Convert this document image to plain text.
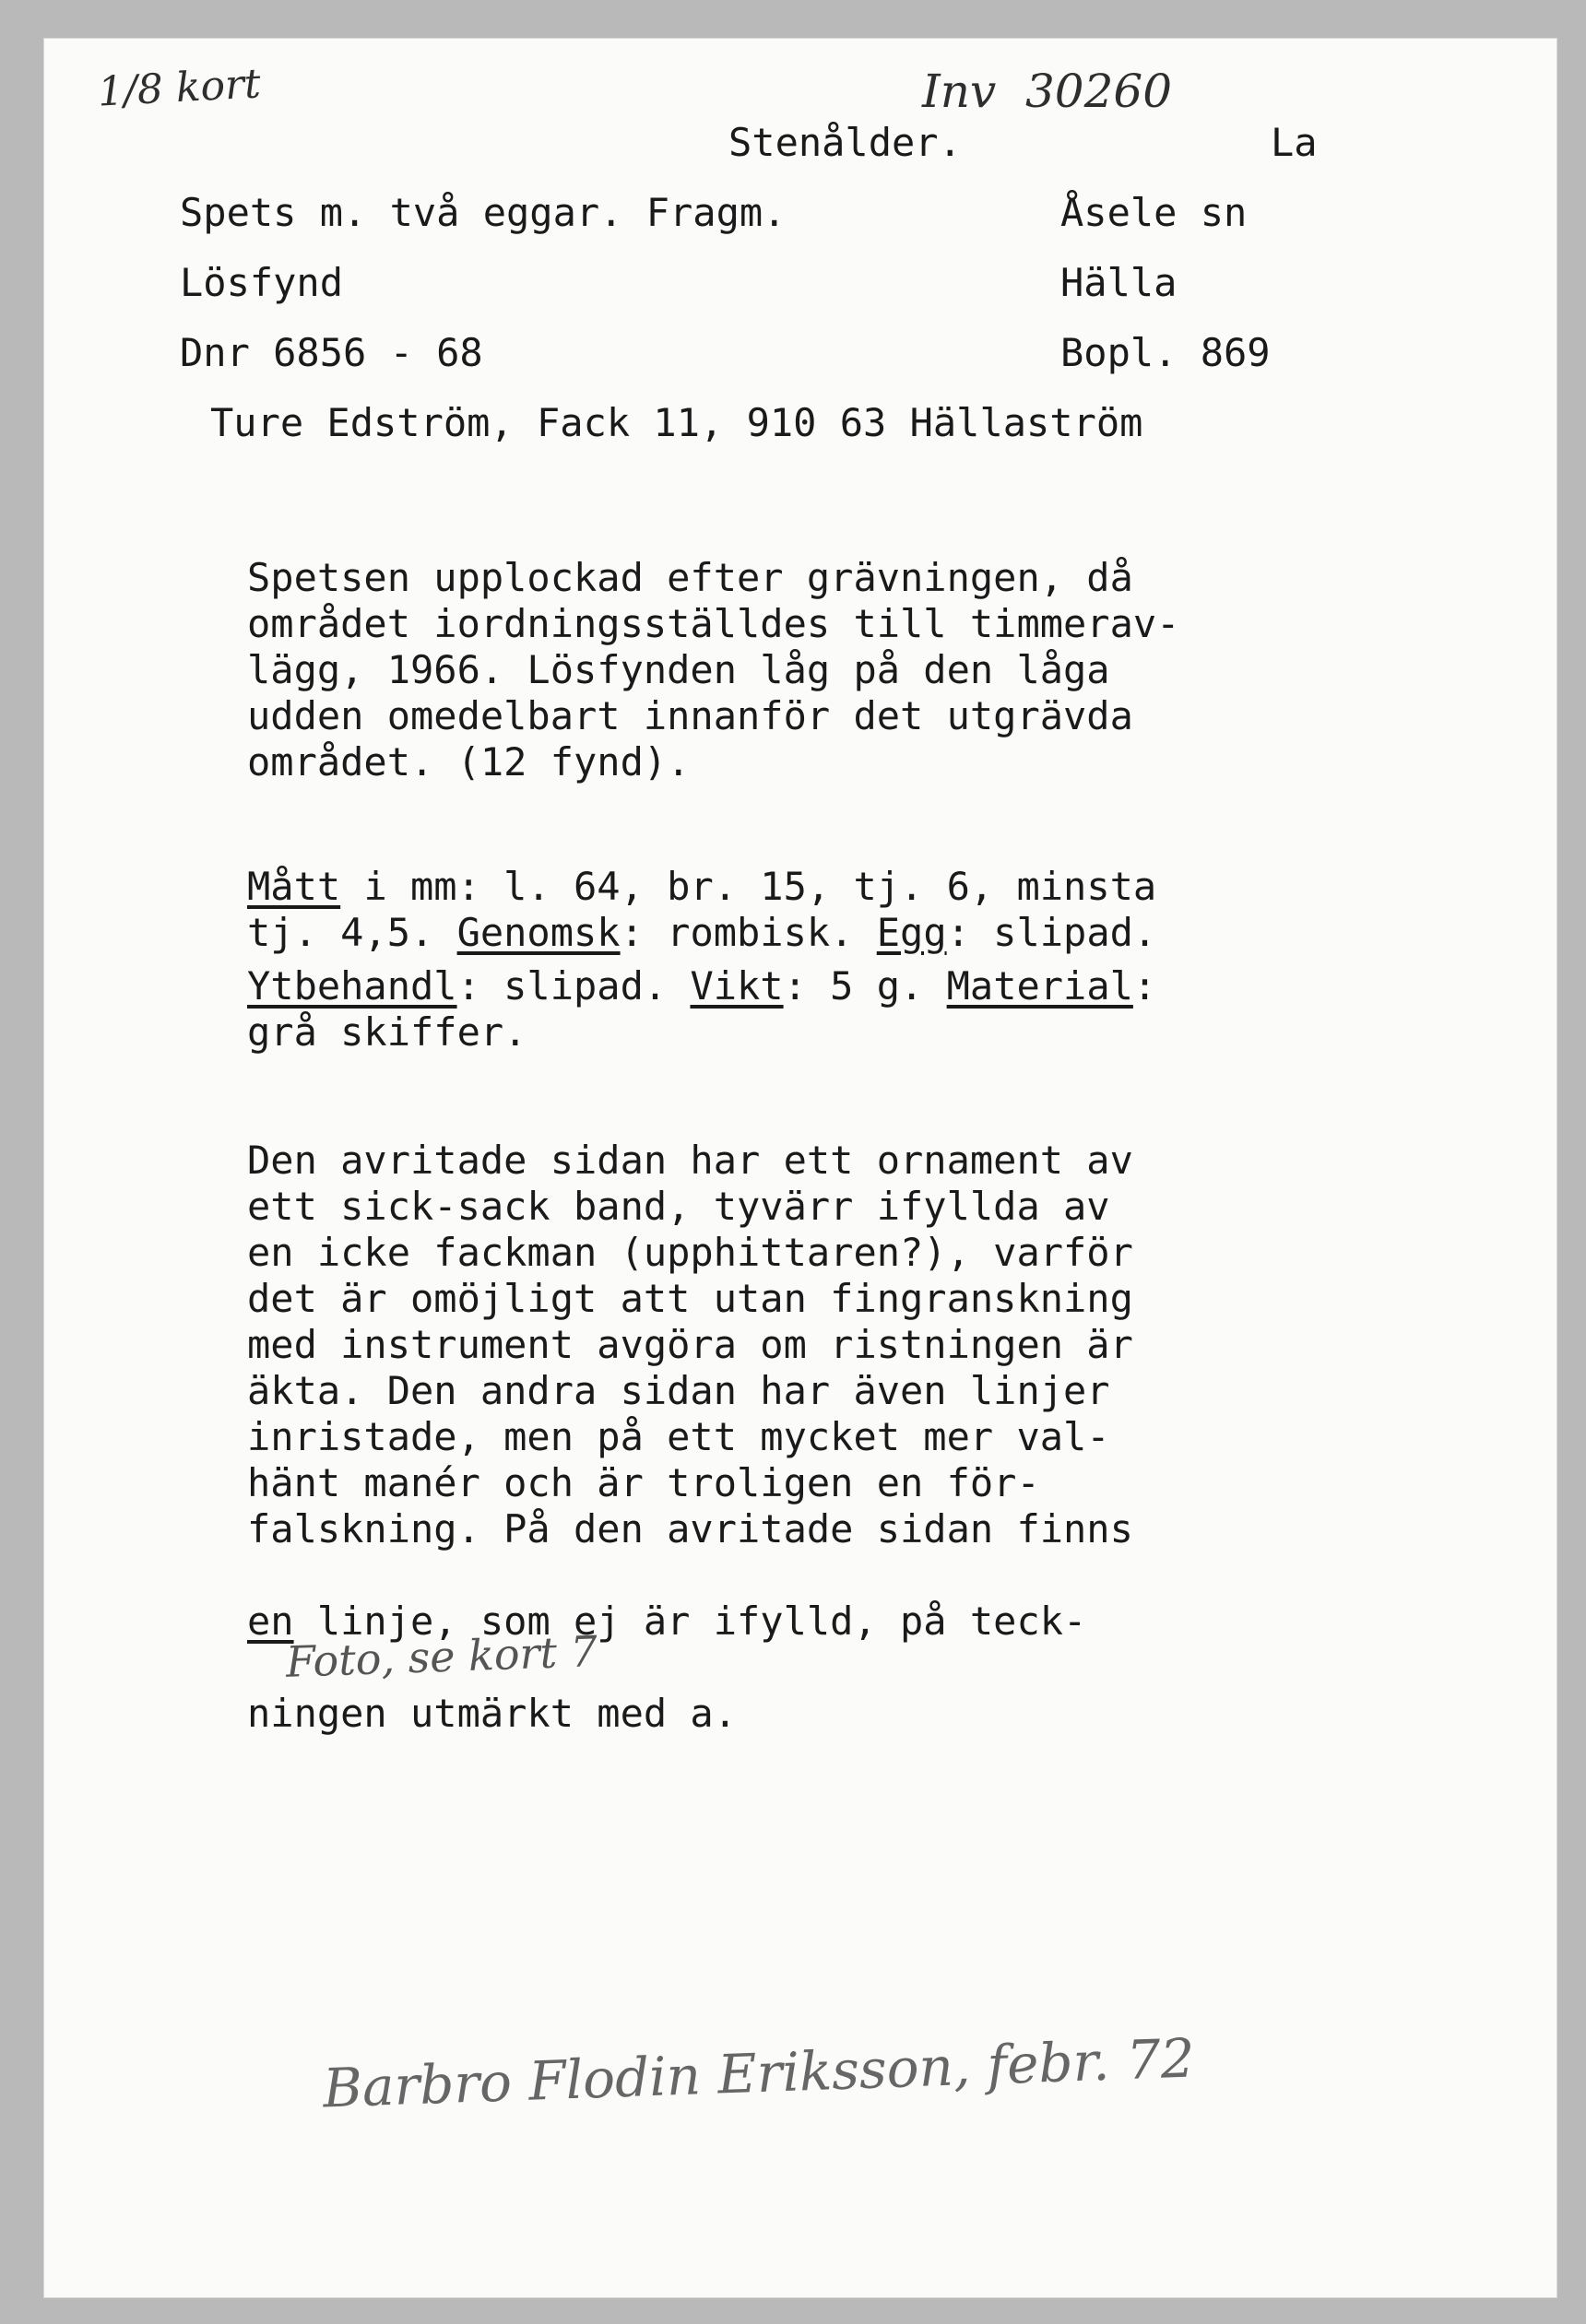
1/8 kort	Inv  30260
Stenålder.	La
Spets m. två eggar. Fragm.	Åsele sn
Lösfynd	Hälla
Dnr 6856 - 68	Bopl. 869
Ture Edström, Fack 11, 910 63 Hällaström

Spetsen upplockad efter grävningen, då
området iordningsställdes till timmerav-
lägg, 1966. Lösfynden låg på den låga
udden omedelbart innanför det utgrävda
området. (12 fynd).

Mått i mm: l. 64, br. 15, tj. 6, minsta
tj. 4,5. Genomsk: rombisk. Egg: slipad.
Ytbehandl: slipad. Vikt: 5 g. Material:
grå skiffer.

Den avritade sidan har ett ornament av
ett sick-sack band, tyvärr ifyllda av
en icke fackman (upphittaren?), varför
det är omöjligt att utan fingranskning
med instrument avgöra om ristningen är
äkta. Den andra sidan har även linjer
inristade, men på ett mycket mer val-
hänt manér och är troligen en för-
falskning. På den avritade sidan finns

en linje, som ej är ifylld, på teck-

ningen utmärkt med a.

Foto, se kort 7
Barbro Flodin Eriksson, febr. 72
